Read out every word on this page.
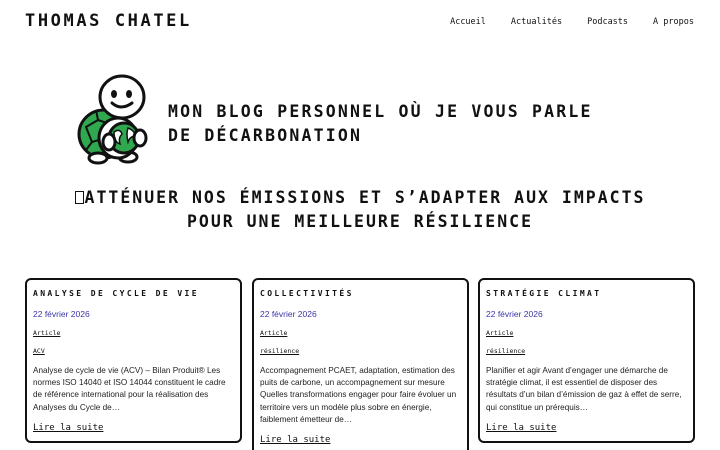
THOMAS CHATEL	Accueil	Actualités	Podcasts	A propos
MON BLOG PERSONNEL OÙ JE VOUS PARLE
DE DÉCARBONATION
ATTÉNUER NOS ÉMISSIONS ET S’ADAPTER AUX IMPACTS
POUR UNE MEILLEURE RÉSILIENCE
ANALYSE DE CYCLE DE VIE
22 février 2026
Article
ACV
Analyse de cycle de vie (ACV) – Bilan Produit® Les normes ISO 14040 et ISO 14044 constituent le cadre de référence international pour la réalisation des Analyses du Cycle de…
Lire la suite
COLLECTIVITÉS
22 février 2026
Article
résilience
Accompagnement PCAET, adaptation, estimation des puits de carbone, un accompagnement sur mesure Quelles transformations engager pour faire évoluer un territoire vers un modèle plus sobre en énergie, faiblement émetteur de…
Lire la suite
STRATÉGIE CLIMAT
22 février 2026
Article
résilience
Planifier et agir Avant d’engager une démarche de stratégie climat, il est essentiel de disposer des résultats d’un bilan d’émission de gaz à effet de serre, qui constitue un prérequis…
Lire la suite
